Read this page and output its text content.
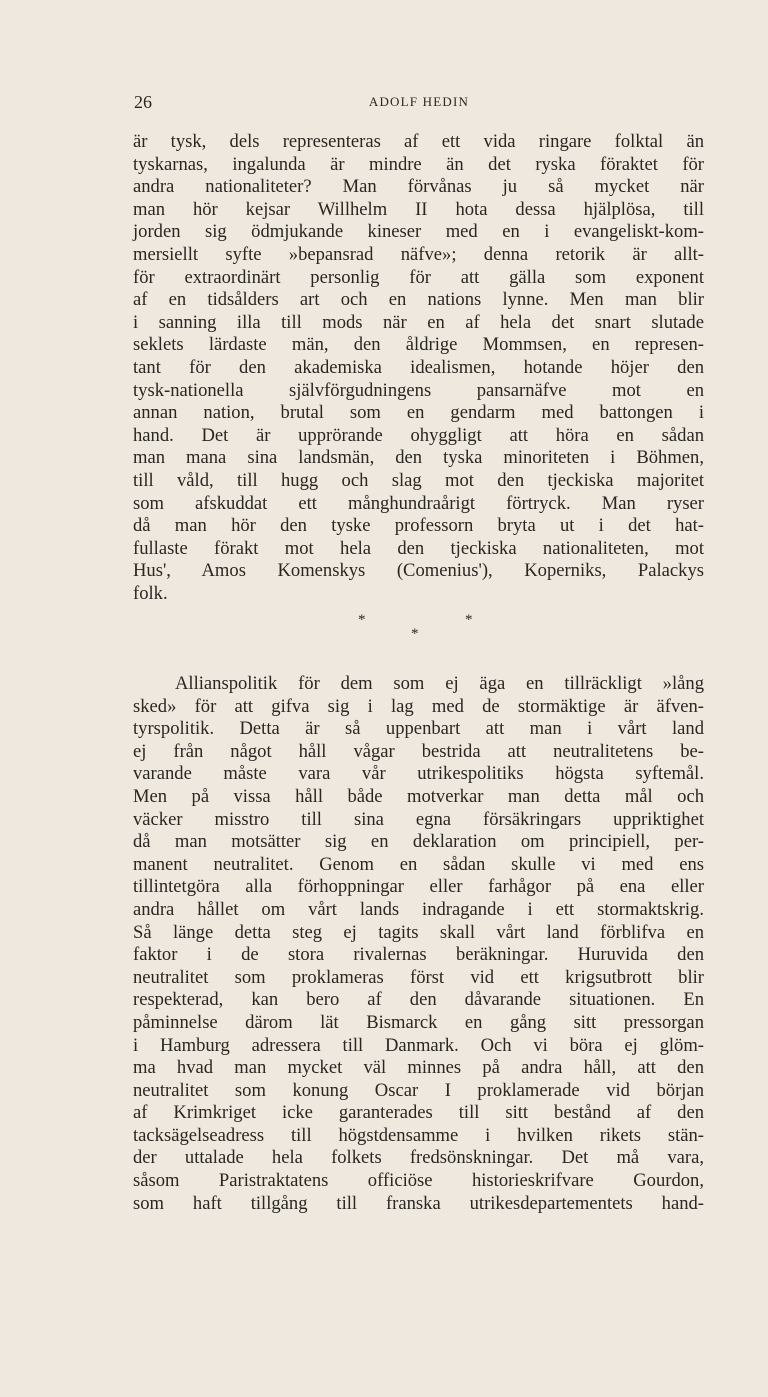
26	ADOLF HEDIN
är tysk, dels representeras af ett vida ringare folktal än
tyskarnas, ingalunda är mindre än det ryska föraktet för
andra nationaliteter? Man förvånas ju så mycket när
man hör kejsar Willhelm II hota dessa hjälplösa, till
jorden sig ödmjukande kineser med en i evangeliskt-kom-
mersiellt syfte »bepansrad näfve»; denna retorik är allt-
för extraordinärt personlig för att gälla som exponent
af en tidsålders art och en nations lynne. Men man blir
i sanning illa till mods när en af hela det snart slutade
seklets lärdaste män, den åldrige Mommsen, en represen-
tant för den akademiska idealismen, hotande höjer den
tysk-nationella självförgudningens pansarnäfve mot en
annan nation, brutal som en gendarm med battongen i
hand. Det är upprörande ohyggligt att höra en sådan
man mana sina landsmän, den tyska minoriteten i Böhmen,
till våld, till hugg och slag mot den tjeckiska majoritet
som afskuddat ett månghundraårigt förtryck. Man ryser
då man hör den tyske professorn bryta ut i det hat-
fullaste förakt mot hela den tjeckiska nationaliteten, mot
Hus', Amos Komenskys (Comenius'), Koperniks, Palackys
folk.
*	*
*
Allianspolitik för dem som ej äga en tillräckligt »lång
sked» för att gifva sig i lag med de stormäktige är äfven-
tyrspolitik. Detta är så uppenbart att man i vårt land
ej från något håll vågar bestrida att neutralitetens be-
varande måste vara vår utrikespolitiks högsta syftemål.
Men på vissa håll både motverkar man detta mål och
väcker misstro till sina egna försäkringars uppriktighet
då man motsätter sig en deklaration om principiell, per-
manent neutralitet. Genom en sådan skulle vi med ens
tillintetgöra alla förhoppningar eller farhågor på ena eller
andra hållet om vårt lands indragande i ett stormaktskrig.
Så länge detta steg ej tagits skall vårt land förblifva en
faktor i de stora rivalernas beräkningar. Huruvida den
neutralitet som proklameras först vid ett krigsutbrott blir
respekterad, kan bero af den dåvarande situationen. En
påminnelse därom lät Bismarck en gång sitt pressorgan
i Hamburg adressera till Danmark. Och vi böra ej glöm-
ma hvad man mycket väl minnes på andra håll, att den
neutralitet som konung Oscar I proklamerade vid början
af Krimkriget icke garanterades till sitt bestånd af den
tacksägelseadress till högstdensamme i hvilken rikets stän-
der uttalade hela folkets fredsönskningar. Det må vara,
såsom Paristraktatens officiöse historieskrifvare Gourdon,
som haft tillgång till franska utrikesdepartementets hand-
